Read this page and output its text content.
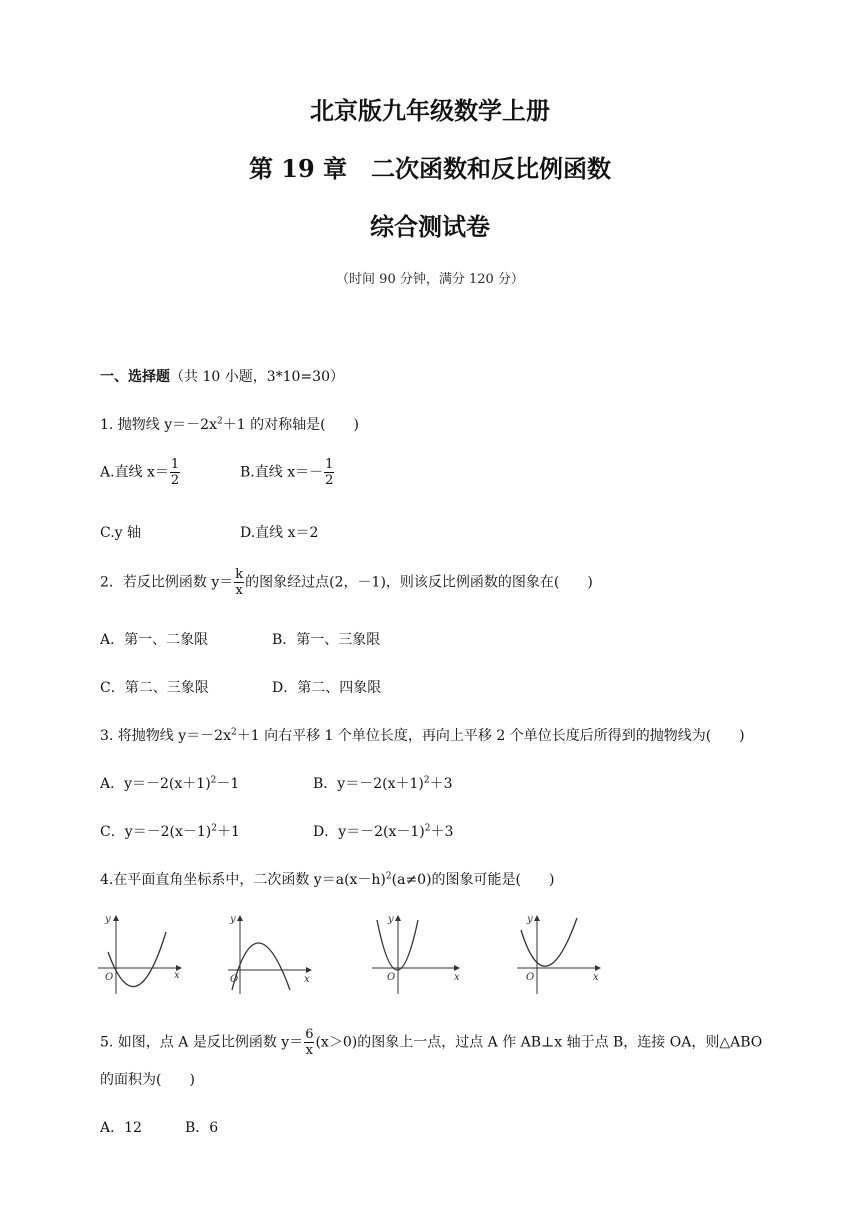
北京版九年级数学上册
第 19 章　二次函数和反比例函数
综合测试卷
（时间 90 分钟，满分 120 分）
一、选择题（共 10 小题，3*10=30）
1. 抛物线 $y=-2x^2+1$ 的对称轴是(　　)
A.直线 $x= \frac{1}{2}$	B.直线 $x=- \frac{1}{2}$
C.y 轴	D.直线 x＝2
2．若反比例函数 $y= \frac{k}{x}$ 的图象经过点(2，－1)，则该反比例函数的图象在(　　)
A．第一、二象限	B．第一、三象限
C．第二、三象限	D．第二、四象限
3. 将抛物线 $y=-2x^2+1$ 向右平移 1 个单位长度，再向上平移 2 个单位长度后所得到的抛物线为(　　)
A．$y=-2(x+1)^2-1$	B．$y=-2(x+1)^2+3$
C．$y=-2(x-1)^2+1$	D．$y=-2(x-1)^2+3$
4.在平面直角坐标系中，二次函数 $y=a(x-h)^2(a\ne 0)$的图象可能是(　　)
y
x
O
y
x
O
y
x
O
y
x
O
5. 如图，点 A 是反比例函数 $y= \frac{6}{x} (x>0)$的图象上一点，过点 A 作 AB⊥x 轴于点 B，连接 OA，则△ABO
的面积为(　　)
A．12	B．6
